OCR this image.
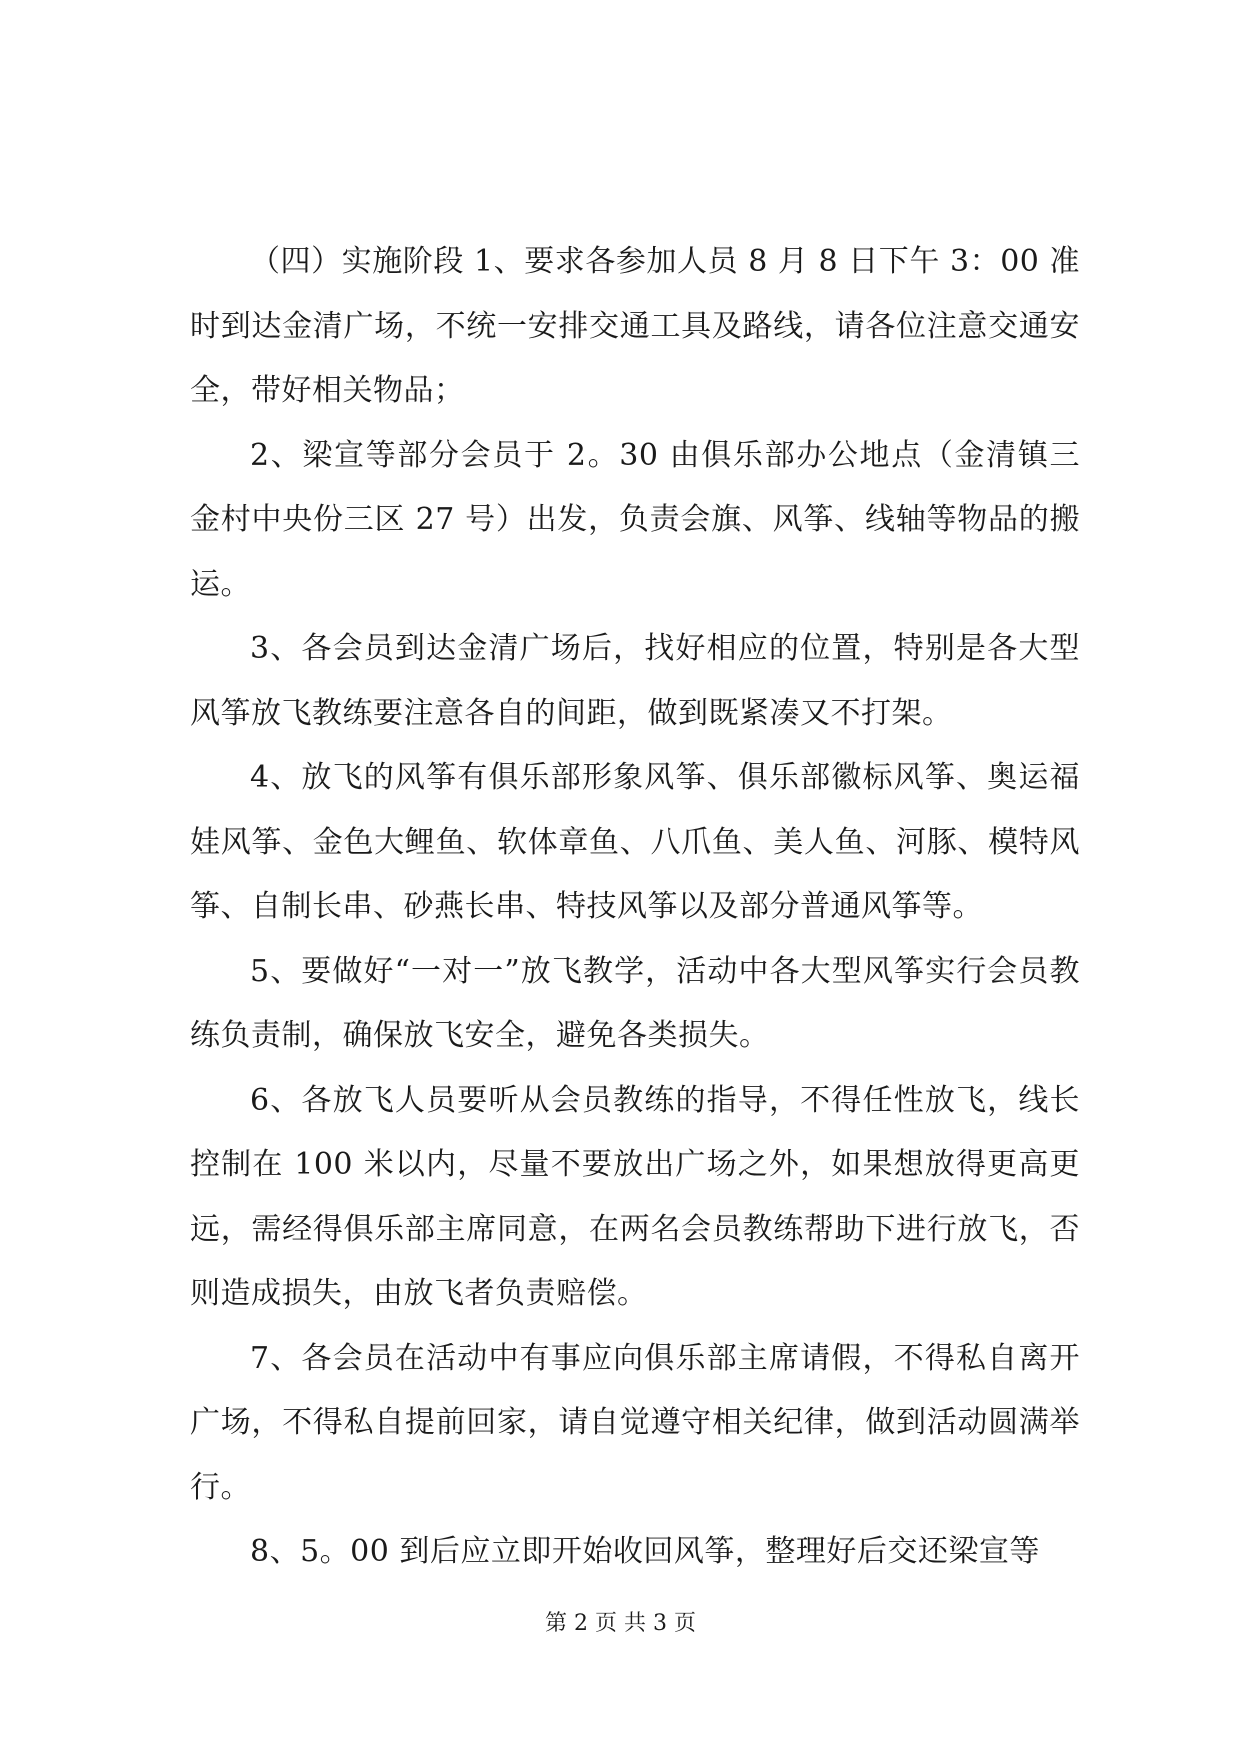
（四）实施阶段 1、要求各参加人员 8 月 8 日下午 3：00 准时到达金清广场，不统一安排交通工具及路线，请各位注意交通安全，带好相关物品；

2、梁宣等部分会员于 2。30 由俱乐部办公地点（金清镇三金村中央份三区 27 号）出发，负责会旗、风筝、线轴等物品的搬运。

3、各会员到达金清广场后，找好相应的位置，特别是各大型风筝放飞教练要注意各自的间距，做到既紧凑又不打架。

4、放飞的风筝有俱乐部形象风筝、俱乐部徽标风筝、奥运福娃风筝、金色大鲤鱼、软体章鱼、八爪鱼、美人鱼、河豚、模特风筝、自制长串、砂燕长串、特技风筝以及部分普通风筝等。

5、要做好“一对一”放飞教学，活动中各大型风筝实行会员教练负责制，确保放飞安全，避免各类损失。

6、各放飞人员要听从会员教练的指导，不得任性放飞，线长控制在 100 米以内，尽量不要放出广场之外，如果想放得更高更远，需经得俱乐部主席同意，在两名会员教练帮助下进行放飞，否则造成损失，由放飞者负责赔偿。

7、各会员在活动中有事应向俱乐部主席请假，不得私自离开广场，不得私自提前回家，请自觉遵守相关纪律，做到活动圆满举行。

8、5。00 到后应立即开始收回风筝，整理好后交还梁宣等

第 2 页 共 3 页
